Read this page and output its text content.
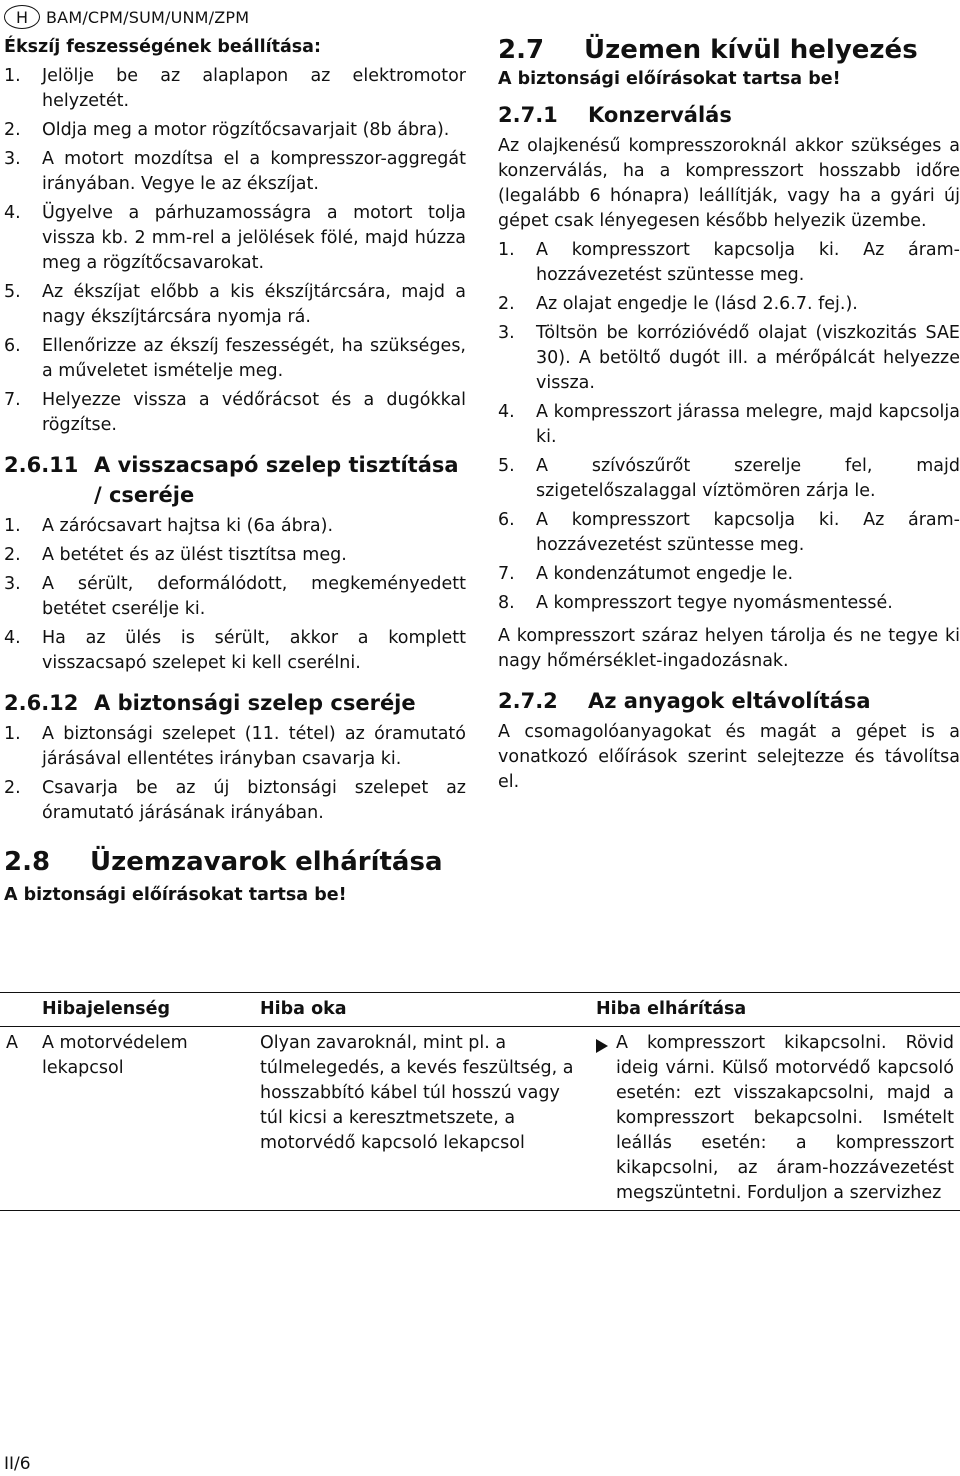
H	BAM/CPM/SUM/UNM/ZPM
Ékszíj feszességének beállítása:
1.	Jelölje be az alaplapon az elektromotor helyzetét.
2.	Oldja meg a motor rögzítőcsavarjait (8b ábra).
3.	A motort mozdítsa el a kompresszor-aggregát irányában. Vegye le az ékszíjat.
4.	Ügyelve a párhuzamosságra a motort tolja vissza kb. 2 mm-rel a jelölések fölé, majd húzza meg a rögzítőcsavarokat.
5.	Az ékszíjat előbb a kis ékszíjtárcsára, majd a nagy ékszíjtárcsára nyomja rá.
6.	Ellenőrizze az ékszíj feszességét, ha szükséges, a műveletet ismételje meg.
7.	Helyezze vissza a védőrácsot és a dugókkal rögzítse.
2.6.11 A visszacsapó szelep tisztítása / cseréje
1.	A zárócsavart hajtsa ki (6a ábra).
2.	A betétet és az ülést tisztítsa meg.
3.	A sérült, deformálódott, megkeményedett betétet cserélje ki.
4.	Ha az ülés is sérült, akkor a komplett visszacsapó szelepet ki kell cserélni.
2.6.12 A biztonsági szelep cseréje
1.	A biztonsági szelepet (11. tétel) az óramutató járásával ellentétes irányban csavarja ki.
2.	Csavarja be az új biztonsági szelepet az óramutató járásának irányában.
2.8	Üzemzavarok elhárítása
A biztonsági előírásokat tartsa be!
2.7	Üzemen kívül helyezés
A biztonsági előírásokat tartsa be!
2.7.1	Konzerválás
Az olajkenésű kompresszoroknál akkor szükséges a konzerválás, ha a kompresszort hosszabb időre (legalább 6 hónapra) leállítják, vagy ha a gyári új gépet csak lényegesen később helyezik üzembe.
1.	A kompresszort kapcsolja ki. Az áram-hozzávezetést szüntesse meg.
2.	Az olajat engedje le (lásd 2.6.7. fej.).
3.	Töltsön be korrózióvédő olajat (viszkozitás SAE 30). A betöltő dugót ill. a mérőpálcát helyezze vissza.
4.	A kompresszort járassa melegre, majd kapcsolja ki.
5.	A szívószűrőt szerelje fel, majd szigetelőszalaggal víztömören zárja le.
6.	A kompresszort kapcsolja ki. Az áram-hozzávezetést szüntesse meg.
7.	A kondenzátumot engedje le.
8.	A kompresszort tegye nyomásmentessé.
A kompresszort száraz helyen tárolja és ne tegye ki nagy hőmérséklet-ingadozásnak.
2.7.2	Az anyagok eltávolítása
A csomagolóanyagokat és magát a gépet is a vonatkozó előírások szerint selejtezze és távolítsa el.
	Hibajelenség	Hiba oka	Hiba elhárítása
A	A motorvédelem lekapcsol	Olyan zavaroknál, mint pl. a túlmelegedés, a kevés feszültség, a hosszabbító kábel túl hosszú vagy túl kicsi a keresztmetszete, a motorvédő kapcsoló lekapcsol	A kompresszort kikapcsolni. Rövid ideig várni. Külső motorvédő kapcsoló esetén: ezt visszakapcsolni, majd a kompresszort bekapcsolni. Ismételt leállás esetén: a kompresszort kikapcsolni, az áram-hozzávezetést megszüntetni. Forduljon a szervizhez
II/6
